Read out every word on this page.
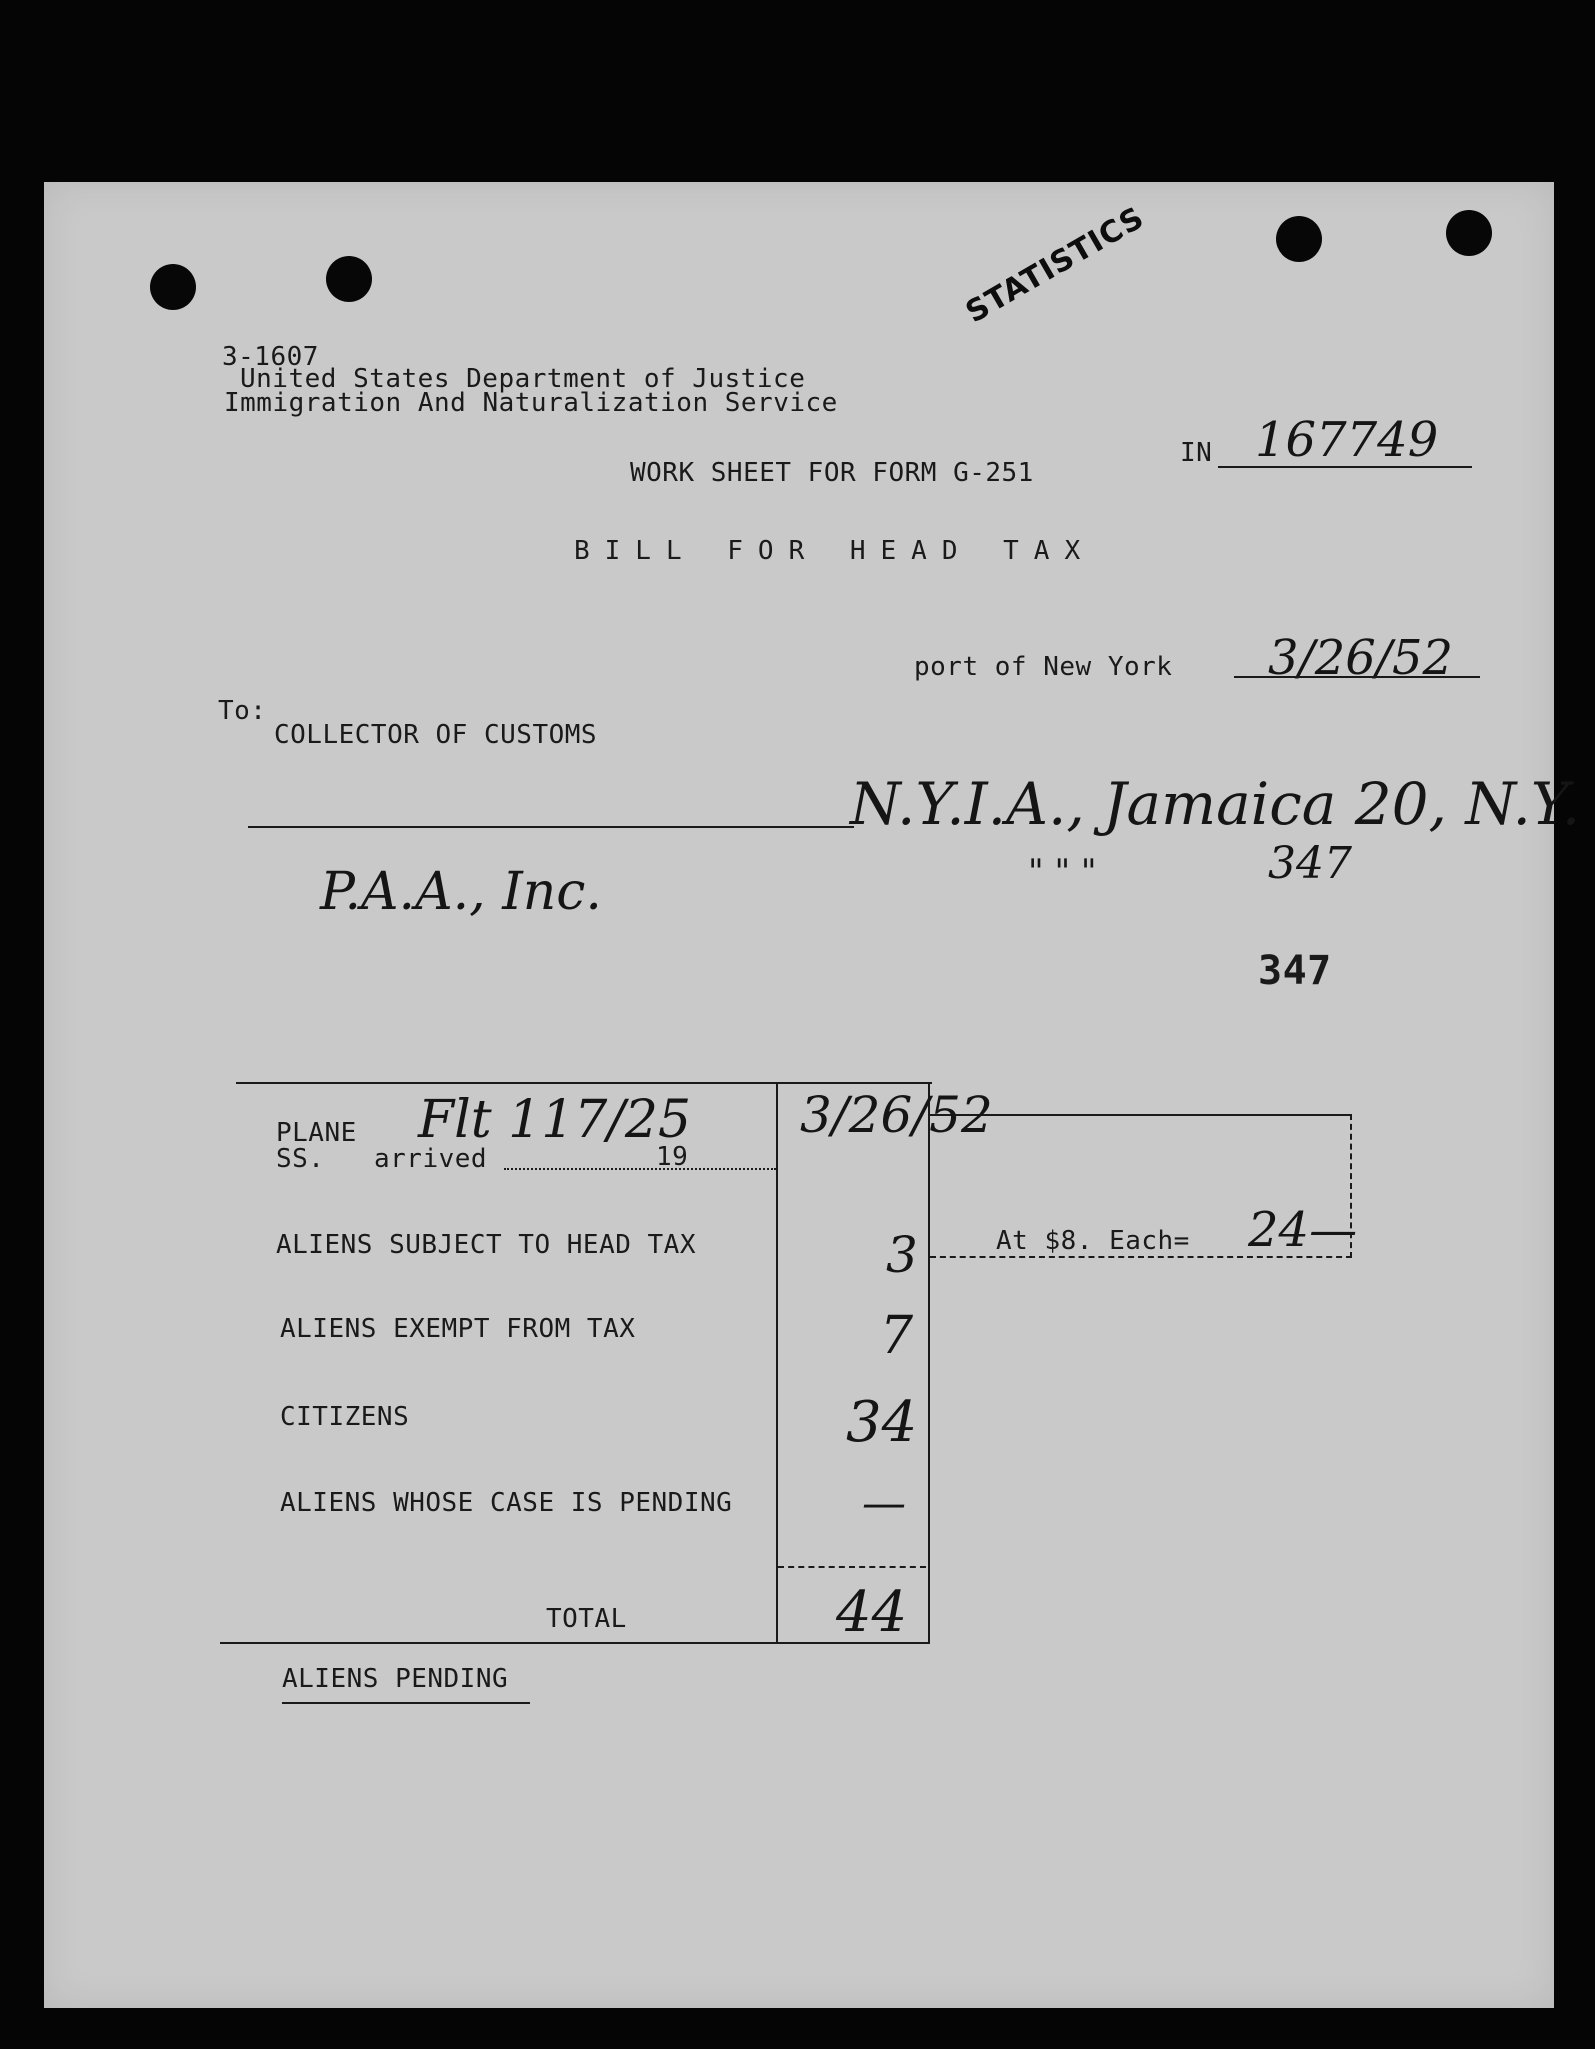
3-1607
United States Department of Justice
Immigration And Naturalization Service
STATISTICS
IN 167749
WORK SHEET FOR FORM G-251
BILL FOR HEAD TAX
port of New York 3/26/52
To:
COLLECTOR OF CUSTOMS
N.Y.I.A., Jamaica 20, N.Y.
" " "	347
P.A.A., Inc.
347
PLANE Flt 117/25
SS. arrived	19
3/26/52
ALIENS SUBJECT TO HEAD TAX	3	At $8. Each= 24—
ALIENS EXEMPT FROM TAX	7
CITIZENS	34
ALIENS WHOSE CASE IS PENDING	—
TOTAL	44
ALIENS PENDING
